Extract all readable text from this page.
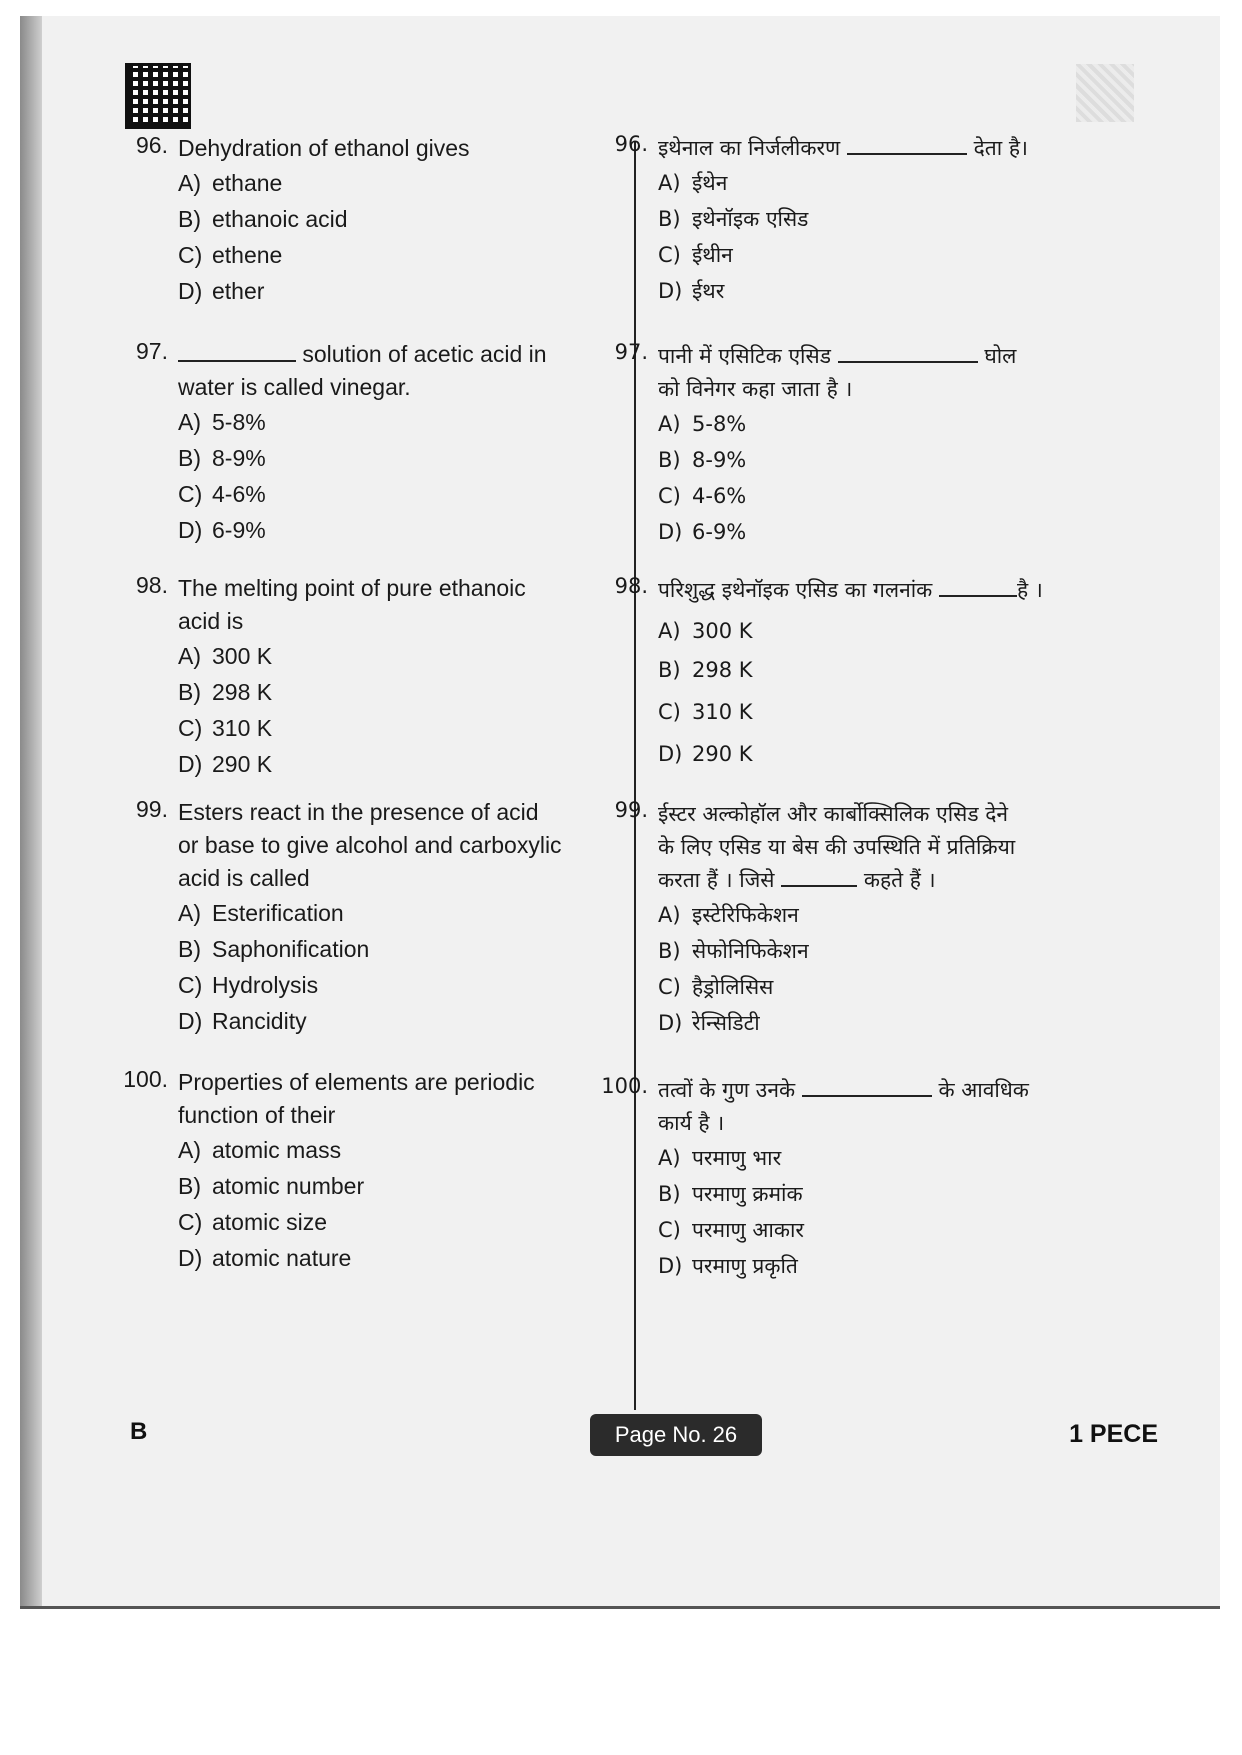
96. Dehydration of ethanol gives
A) ethane
B) ethanoic acid
C) ethene
D) ether
97.	solution of acetic acid in
water is called vinegar.
A) 5-8%
B) 8-9%
C) 4-6%
D) 6-9%
98. The melting point of pure ethanoic
acid is
A) 300 K
B) 298 K
C) 310 K
D) 290 K
99. Esters react in the presence of acid
or base to give alcohol and carboxylic
acid is called
A) Esterification
B) Saphonification
C) Hydrolysis
D) Rancidity
100. Properties of elements are periodic
function of their
A) atomic mass
B) atomic number
C) atomic size
D) atomic nature
96. इथेनाल का निर्जलीकरण	देता है।
A) ईथेन
B) इथेनॉइक एसिड
C) ईथीन
D) ईथर
97. पानी में एसिटिक एसिड	घोल
को विनेगर कहा जाता है ।
A) 5-8%
B) 8-9%
C) 4-6%
D) 6-9%
98. परिशुद्ध इथेनॉइक एसिड का गलनांक	है ।
A) 300 K
B) 298 K
C) 310 K
D) 290 K
99. ईस्टर अल्कोहॉल और कार्बोक्सिलिक एसिड देने
के लिए एसिड या बेस की उपस्थिति में प्रतिक्रिया
करता हैं । जिसे	कहते हैं ।
A) इस्टेरिफिकेशन
B) सेफोनिफिकेशन
C) हैड्रोलिसिस
D) रेन्सिडिटी
100. तत्वों के गुण उनके	के आवधिक
कार्य है ।
A) परमाणु भार
B) परमाणु क्रमांक
C) परमाणु आकार
D) परमाणु प्रकृति
B	Page No. 26	1 PECE
